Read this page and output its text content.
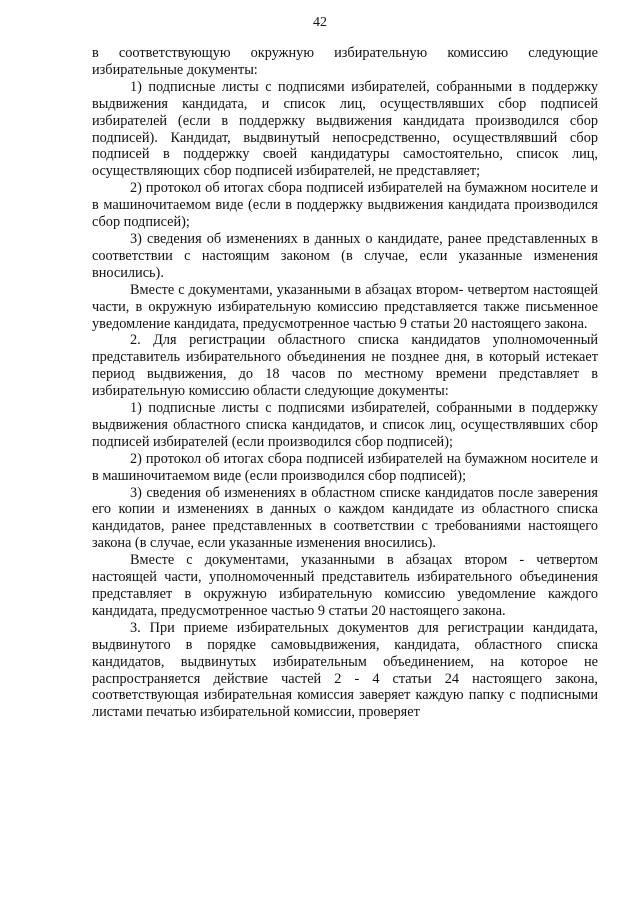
42

в соответствующую окружную избирательную комиссию следующие избирательные документы:

1) подписные листы с подписями избирателей, собранными в поддержку выдвижения кандидата, и список лиц, осуществлявших сбор подписей избирателей (если в поддержку выдвижения кандидата производился сбор подписей). Кандидат, выдвинутый непосредственно, осуществлявший сбор подписей в поддержку своей кандидатуры самостоятельно, список лиц, осуществляющих сбор подписей избирателей, не представляет;

2) протокол об итогах сбора подписей избирателей на бумажном носителе и в машиночитаемом виде (если в поддержку выдвижения кандидата производился сбор подписей);

3) сведения об изменениях в данных о кандидате, ранее представленных в соответствии с настоящим законом (в случае, если указанные изменения вносились).

Вместе с документами, указанными в абзацах втором- четвертом настоящей части, в окружную избирательную комиссию представляется также письменное уведомление кандидата, предусмотренное частью 9 статьи 20 настоящего закона.

2. Для регистрации областного списка кандидатов уполномоченный представитель избирательного объединения не позднее дня, в который истекает период выдвижения, до 18 часов по местному времени представляет в избирательную комиссию области следующие документы:

1) подписные листы с подписями избирателей, собранными в поддержку выдвижения областного списка кандидатов, и список лиц, осуществлявших сбор подписей избирателей (если производился сбор подписей);

2) протокол об итогах сбора подписей избирателей на бумажном носителе и в машиночитаемом виде (если производился сбор подписей);

3) сведения об изменениях в областном списке кандидатов после заверения его копии и изменениях в данных о каждом кандидате из областного списка кандидатов, ранее представленных в соответствии с требованиями настоящего закона (в случае, если указанные изменения вносились).

Вместе с документами, указанными в абзацах втором - четвертом настоящей части, уполномоченный представитель избирательного объединения представляет в окружную избирательную комиссию уведомление каждого кандидата, предусмотренное частью 9 статьи 20 настоящего закона.

3. При приеме избирательных документов для регистрации кандидата, выдвинутого в порядке самовыдвижения, кандидата, областного списка кандидатов, выдвинутых избирательным объединением, на которое не распространяется действие частей 2 - 4 статьи 24 настоящего закона, соответствующая избирательная комиссия заверяет каждую папку с подписными листами печатью избирательной комиссии, проверяет
